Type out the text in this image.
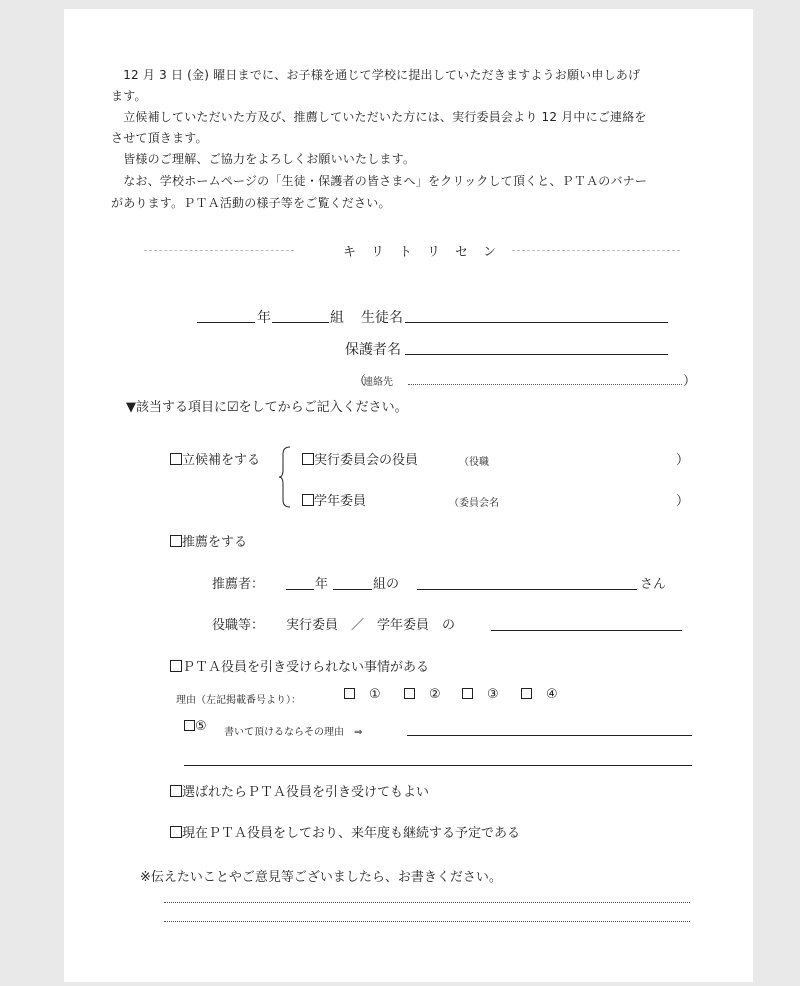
　12 月 3 日 (金) 曜日までに、お子様を通じて学校に提出していただきますようお願い申しあげ
ます。
　立候補していただいた方及び、推薦していただいた方には、実行委員会より 12 月中にご連絡を
させて頂きます。
　皆様のご理解、ご協力をよろしくお願いいたします。
　なお、学校ホームページの「生徒・保護者の皆さまへ」をクリックして頂くと、ＰＴＡのバナー
があります。ＰＴＡ活動の様子等をご覧ください。
キ　リ　ト　リ　セ　ン
年	組 生徒名
保護者名
（
連絡先	）
▼該当する項目に☑をしてからご記入ください。
立候補をする	実行委員会の役員	（役職	）
学年委員	（委員会名	）
推薦をする
推薦者：	年	組の	さん
役職等： 実行委員　／　学年委員　の
ＰＴＡ役員を引き受けられない事情がある
理由（左記掲載番号より）：	①	②	③	④
⑤ 書いて頂けるならその理由　⇒
選ばれたらＰＴＡ役員を引き受けてもよい
現在ＰＴＡ役員をしており、来年度も継続する予定である
※伝えたいことやご意見等ございましたら、お書きください。
